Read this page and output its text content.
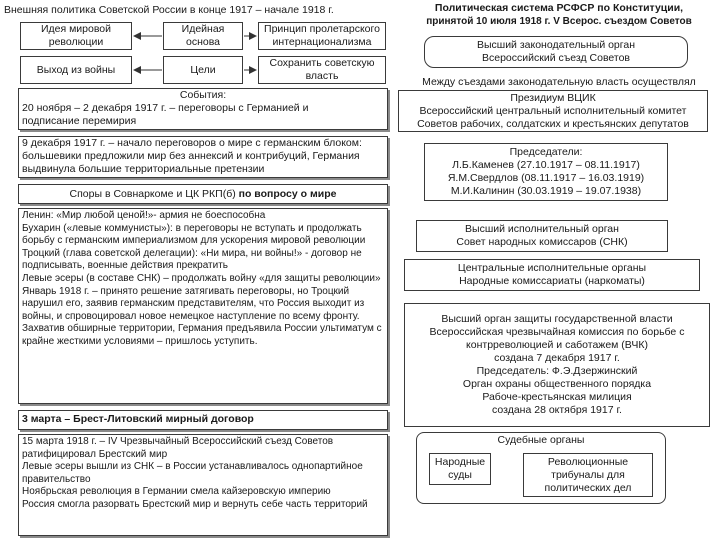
Внешняя политика Советской России в конце 1917 – начале 1918 г.
Идея мировой революции
Идейная основа
Принцип пролетарского интернационализма
Выход из войны	Цели
Сохранить советскую власть
События:
20 ноября – 2 декабря 1917 г. – переговоры с Германией и подписание перемирия
9 декабря 1917 г. – начало переговоров о мире с германским блоком: большевики предложили мир без аннексий и контрибуций, Германия выдвинула большие территориальные претензии
Споры в Совнаркоме и ЦК РКП(б) по вопросу о мире

Ленин: «Мир любой ценой!»- армия не боеспособна

Бухарин («левые коммунисты»): в переговоры не вступать и продолжать борьбу с германским империализмом для ускорения мировой революции

Троцкий (глава советской делегации): «Ни мира, ни войны!» - договор не подписывать, военные действия прекратить

Левые эсеры (в составе СНК) – продолжать войну «для защиты революции»

Январь 1918 г. – принято решение затягивать переговоры, но Троцкий нарушил его, заявив германским представителям, что Россия выходит из войны, и спровоцировал новое немецкое наступление по всему фронту.

Захватив обширные территории, Германия предъявила России ультиматум с крайне жесткими условиями – пришлось уступить.

3 марта – Брест-Литовский мирный договор

15 марта 1918 г. – IV Чрезвычайный Всероссийский съезд Советов ратифицировал Брестский мир

Левые эсеры вышли из СНК – в России устанавливалось однопартийное правительство

Ноябрьская революция в Германии смела кайзеровскую империю

Россия смогла разорвать Брестский мир и вернуть себе часть территорий

Политическая система РСФСР по Конституции,
принятой 10 июля 1918 г. V Всерос. съездом Советов
Высший законодательный орган
Всероссийский съезд Советов
Между съездами законодательную власть осуществлял
Президиум ВЦИК
Всероссийский центральный исполнительный комитет
Советов рабочих, солдатских и крестьянских депутатов
Председатели:
Л.Б.Каменев (27.10.1917 – 08.11.1917)
Я.М.Свердлов (08.11.1917 – 16.03.1919)
М.И.Калинин (30.03.1919 – 19.07.1938)
Высший исполнительный орган
Совет народных комиссаров (СНК)
Центральные исполнительные органы
Народные комиссариаты (наркоматы)
Высший орган защиты государственной власти
Всероссийская чрезвычайная комиссия по борьбе с
контрреволюцией и саботажем (ВЧК)
создана 7 декабря 1917 г.
Председатель: Ф.Э.Дзержинский
Орган охраны общественного порядка
Рабоче-крестьянская милиция
создана 28 октября 1917 г.
Судебные органы
Народные суды
Революционные трибуналы для политических дел
